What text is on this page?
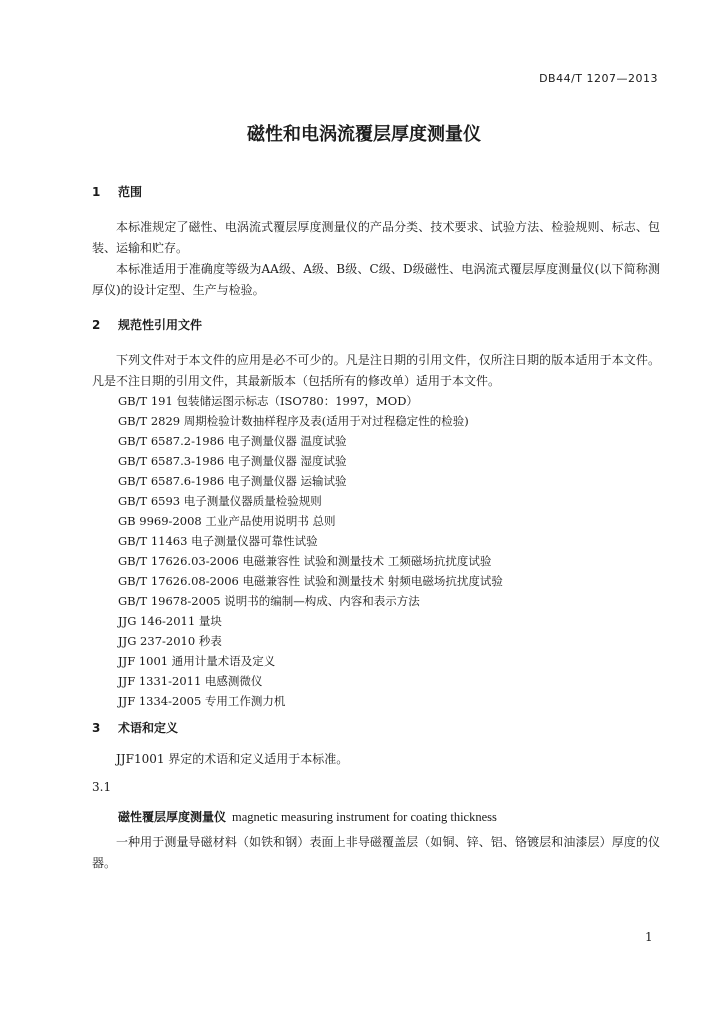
DB44/T 1207—2013
磁性和电涡流覆层厚度测量仪
1 范围
本标准规定了磁性、电涡流式覆层厚度测量仪的产品分类、技术要求、试验方法、检验规则、标志、包装、运输和贮存。
本标准适用于准确度等级为AA级、A级、B级、C级、D级磁性、电涡流式覆层厚度测量仪(以下简称测厚仪)的设计定型、生产与检验。
2 规范性引用文件
下列文件对于本文件的应用是必不可少的。凡是注日期的引用文件，仅所注日期的版本适用于本文件。凡是不注日期的引用文件，其最新版本（包括所有的修改单）适用于本文件。
GB/T 191 包装储运图示标志（ISO780：1997，MOD）
GB/T 2829 周期检验计数抽样程序及表(适用于对过程稳定性的检验)
GB/T 6587.2-1986 电子测量仪器 温度试验
GB/T 6587.3-1986 电子测量仪器 湿度试验
GB/T 6587.6-1986 电子测量仪器 运输试验
GB/T 6593 电子测量仪器质量检验规则
GB 9969-2008 工业产品使用说明书 总则
GB/T 11463 电子测量仪器可靠性试验
GB/T 17626.03-2006 电磁兼容性 试验和测量技术 工频磁场抗扰度试验
GB/T 17626.08-2006 电磁兼容性 试验和测量技术 射频电磁场抗扰度试验
GB/T 19678-2005 说明书的编制—构成、内容和表示方法
JJG 146-2011 量块
JJG 237-2010 秒表
JJF 1001 通用计量术语及定义
JJF 1331-2011 电感测微仪
JJF 1334-2005 专用工作测力机
3 术语和定义
JJF1001 界定的术语和定义适用于本标准。
3.1
磁性覆层厚度测量仪 magnetic measuring instrument for coating thickness
一种用于测量导磁材料（如铁和钢）表面上非导磁覆盖层（如铜、锌、铝、铬镀层和油漆层）厚度的仪器。
1
